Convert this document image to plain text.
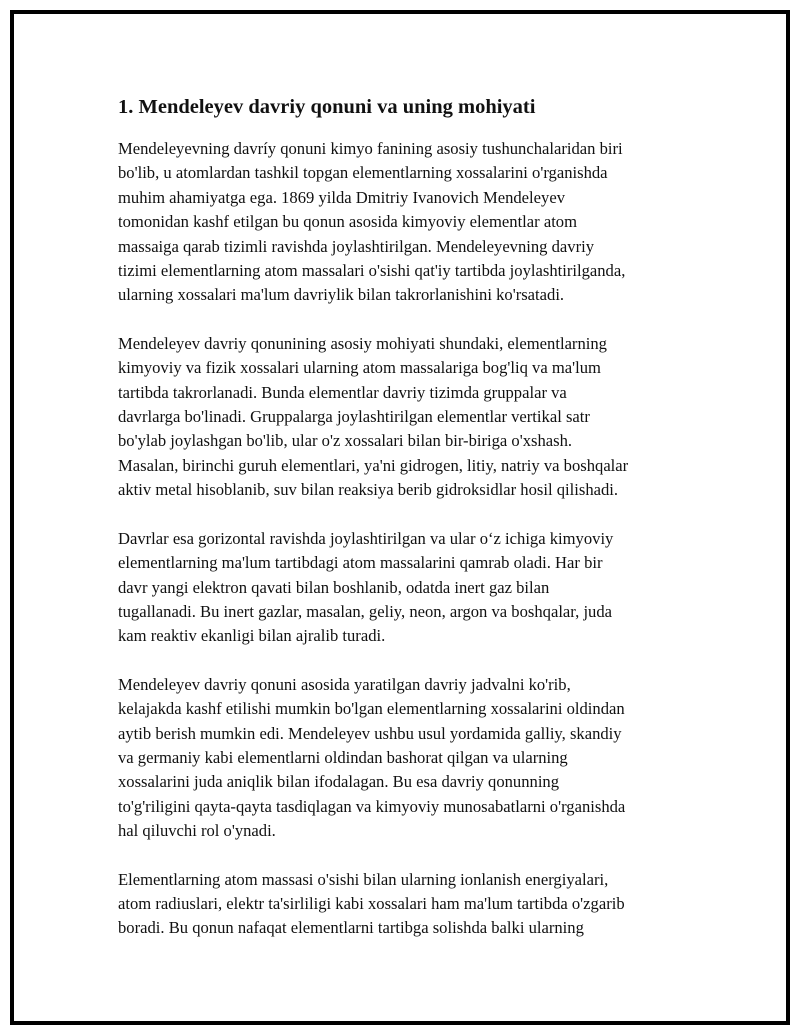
1. Mendeleyev davriy qonuni va uning mohiyati

Mendeleyevning davríy qonuni kimyo fanining asosiy tushunchalaridan biri
bo'lib, u atomlardan tashkil topgan elementlarning xossalarini o'rganishda
muhim ahamiyatga ega. 1869 yilda Dmitriy Ivanovich Mendeleyev
tomonidan kashf etilgan bu qonun asosida kimyoviy elementlar atom
massaiga qarab tizimli ravishda joylashtirilgan. Mendeleyevning davriy
tizimi elementlarning atom massalari o'sishi qat'iy tartibda joylashtirilganda,
ularning xossalari ma'lum davriylik bilan takrorlanishini ko'rsatadi.

Mendeleyev davriy qonunining asosiy mohiyati shundaki, elementlarning
kimyoviy va fizik xossalari ularning atom massalariga bog'liq va ma'lum
tartibda takrorlanadi. Bunda elementlar davriy tizimda gruppalar va
davrlarga bo'linadi. Gruppalarga joylashtirilgan elementlar vertikal satr
bo'ylab joylashgan bo'lib, ular o'z xossalari bilan bir-biriga o'xshash.
Masalan, birinchi guruh elementlari, ya'ni gidrogen, litiy, natriy va boshqalar
aktiv metal hisoblanib, suv bilan reaksiya berib gidroksidlar hosil qilishadi.

Davrlar esa gorizontal ravishda joylashtirilgan va ular o‘z ichiga kimyoviy
elementlarning ma'lum tartibdagi atom massalarini qamrab oladi. Har bir
davr yangi elektron qavati bilan boshlanib, odatda inert gaz bilan
tugallanadi. Bu inert gazlar, masalan, geliy, neon, argon va boshqalar, juda
kam reaktiv ekanligi bilan ajralib turadi.

Mendeleyev davriy qonuni asosida yaratilgan davriy jadvalni ko'rib,
kelajakda kashf etilishi mumkin bo'lgan elementlarning xossalarini oldindan
aytib berish mumkin edi. Mendeleyev ushbu usul yordamida galliy, skandiy
va germaniy kabi elementlarni oldindan bashorat qilgan va ularning
xossalarini juda aniqlik bilan ifodalagan. Bu esa davriy qonunning
to'g'riligini qayta-qayta tasdiqlagan va kimyoviy munosabatlarni o'rganishda
hal qiluvchi rol o'ynadi.

Elementlarning atom massasi o'sishi bilan ularning ionlanish energiyalari,
atom radiuslari, elektr ta'sirliligi kabi xossalari ham ma'lum tartibda o'zgarib
boradi. Bu qonun nafaqat elementlarni tartibga solishda balki ularning
